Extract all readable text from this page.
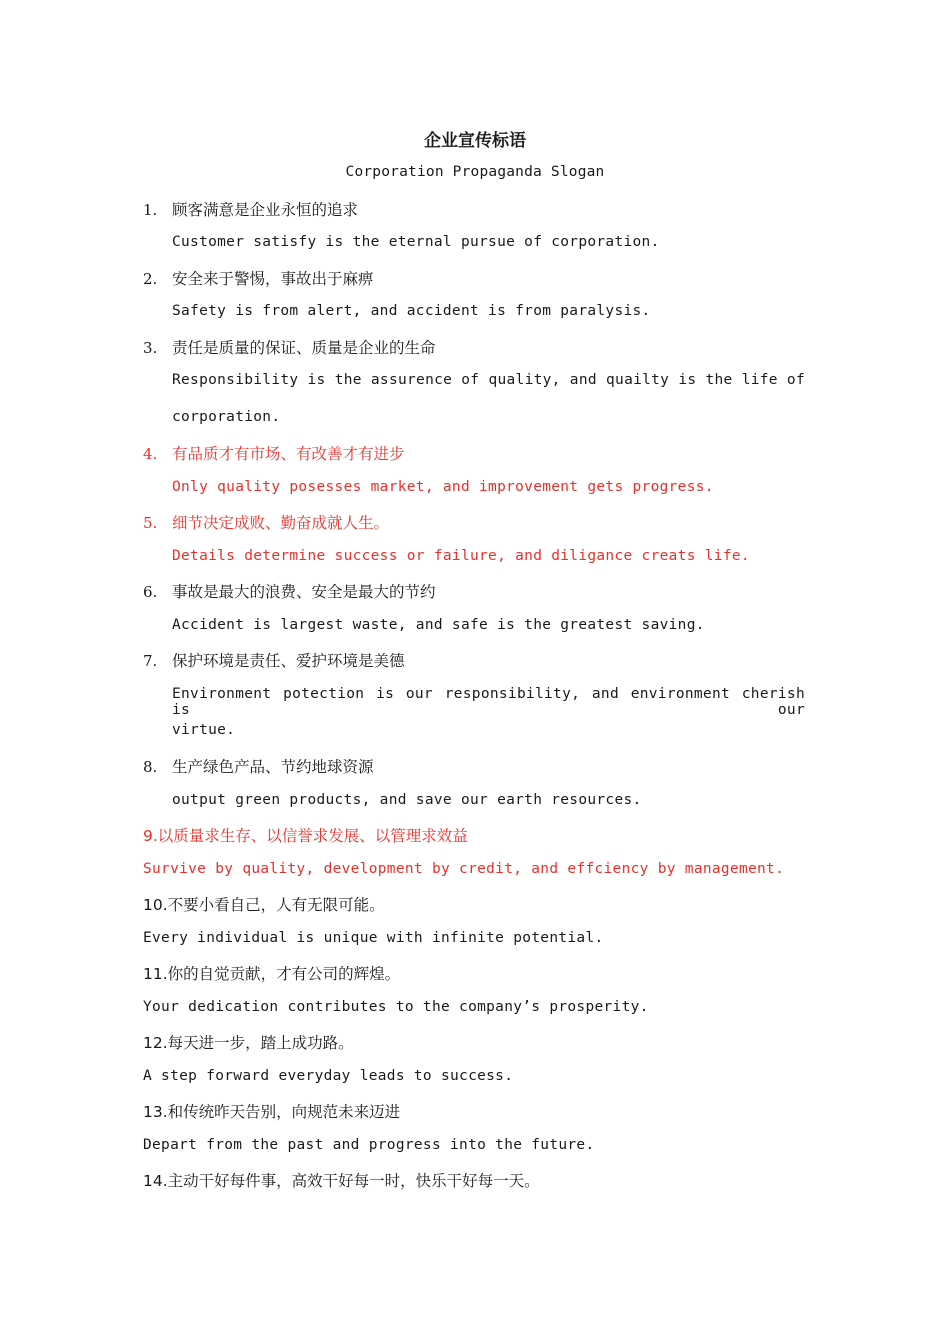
企业宣传标语
Corporation Propaganda Slogan
1. 顾客满意是企业永恒的追求
Customer satisfy is the eternal pursue of corporation.
2. 安全来于警惕，事故出于麻痹
Safety is from alert, and accident is from paralysis.
3. 责任是质量的保证、质量是企业的生命
Responsibility is the assurence of quality, and quailty is the life of
corporation.
4. 有品质才有市场、有改善才有进步
Only quality posesses market, and improvement gets progress.
5. 细节决定成败、勤奋成就人生。
Details determine success or failure, and diligance creats life.
6. 事故是最大的浪费、安全是最大的节约
Accident is largest waste, and safe is the greatest saving.
7. 保护环境是责任、爱护环境是美德
Environment potection is our responsibility, and environment cherish is our
virtue.
8. 生产绿色产品、节约地球资源
output green products, and save our earth resources.
9.以质量求生存、以信誉求发展、以管理求效益
Survive by quality, development by credit, and effciency by management.
10.不要小看自己，人有无限可能。
Every individual is unique with infinite potential.
11.你的自觉贡献，才有公司的辉煌。
Your dedication contributes to the company’s prosperity.
12.每天进一步，踏上成功路。
A step forward everyday leads to success.
13.和传统昨天告别，向规范未来迈进
Depart from the past and progress into the future.
14.主动干好每件事，高效干好每一时，快乐干好每一天。
